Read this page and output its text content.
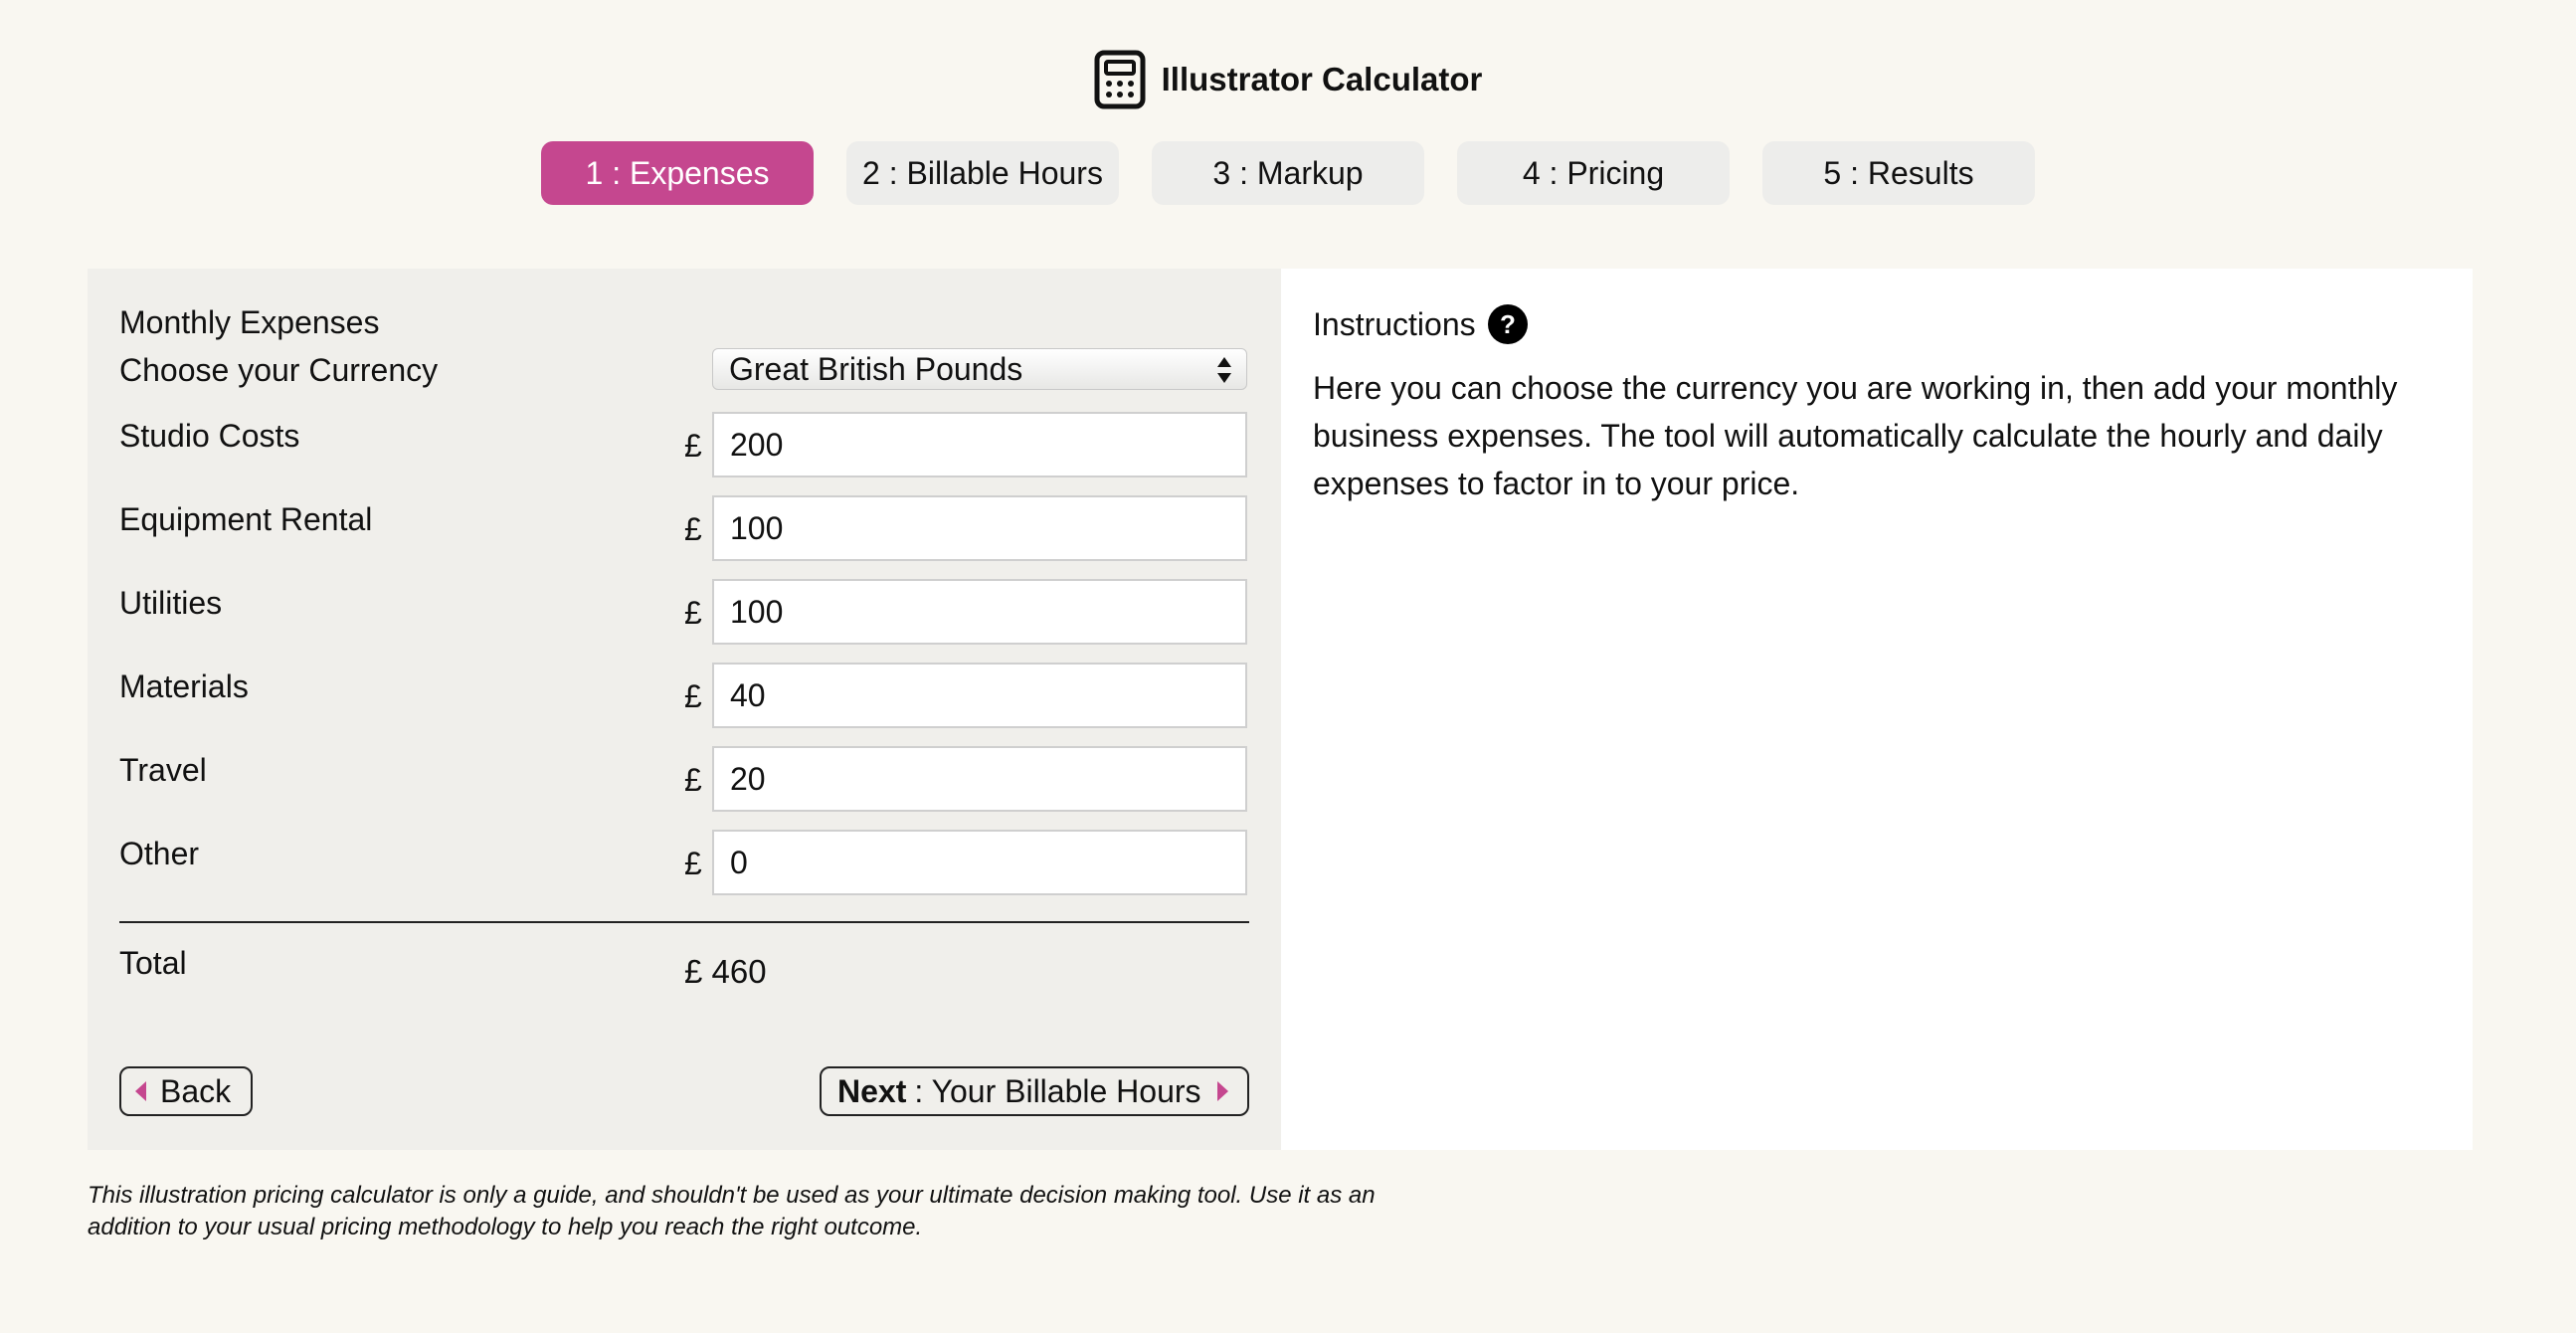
Illustrator Calculator
1 : Expenses	2 : Billable Hours	3 : Markup	4 : Pricing	5 : Results
Monthly Expenses
Choose your Currency	Great British Pounds
Studio Costs	£ 200
Equipment Rental	£ 100
Utilities	£ 100
Materials	£ 40
Travel	£ 20
Other	£ 0
Total	£ 460
Back	Next : Your Billable Hours
Instructions ?
Here you can choose the currency you are working in, then add your monthly business expenses. The tool will automatically calculate the hourly and daily expenses to factor in to your price.
This illustration pricing calculator is only a guide, and shouldn't be used as your ultimate decision making tool. Use it as an addition to your usual pricing methodology to help you reach the right outcome.
